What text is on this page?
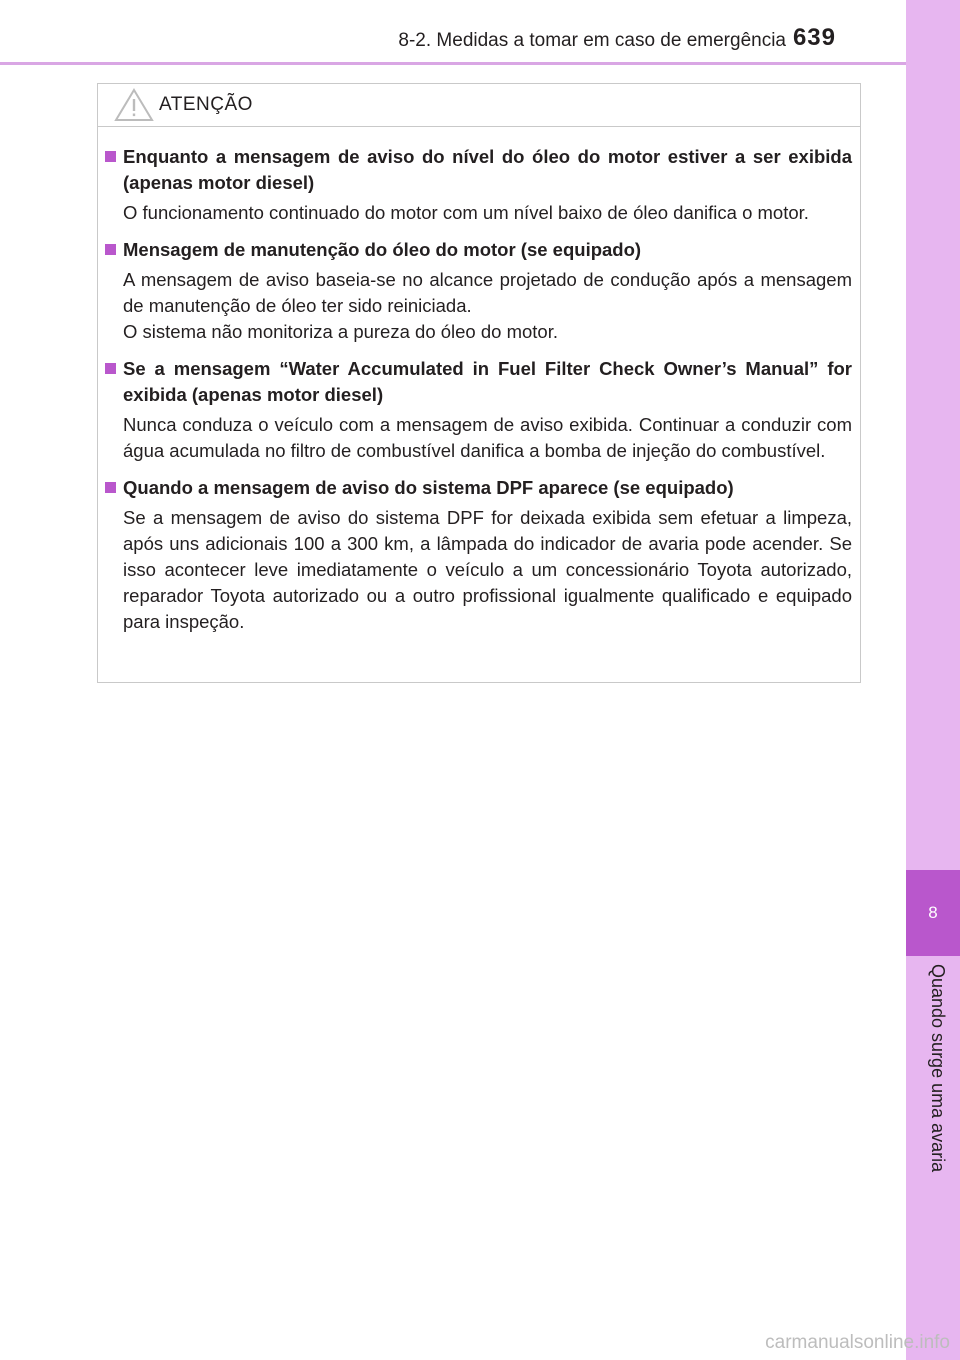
8-2. Medidas a tomar em caso de emergência 639
8
Quando surge uma avaria
ATENÇÃO
Enquanto a mensagem de aviso do nível do óleo do motor estiver a ser exibida (apenas motor diesel)

O funcionamento continuado do motor com um nível baixo de óleo danifica o motor.

Mensagem de manutenção do óleo do motor (se equipado)

A mensagem de aviso baseia-se no alcance projetado de condução após a mensagem de manutenção de óleo ter sido reiniciada.

O sistema não monitoriza a pureza do óleo do motor.

Se a mensagem “Water Accumulated in Fuel Filter Check Owner’s Manual” for exibida (apenas motor diesel)

Nunca conduza o veículo com a mensagem de aviso exibida. Continuar a conduzir com água acumulada no filtro de combustível danifica a bomba de injeção do combustível.

Quando a mensagem de aviso do sistema DPF aparece (se equipado)

Se a mensagem de aviso do sistema DPF for deixada exibida sem efetuar a limpeza, após uns adicionais 100 a 300 km, a lâmpada do indicador de avaria pode acender. Se isso acontecer leve imediatamente o veículo a um concessionário Toyota autorizado, reparador Toyota autorizado ou a outro profissional igualmente qualificado e equipado para inspeção.

carmanualsonline.info
